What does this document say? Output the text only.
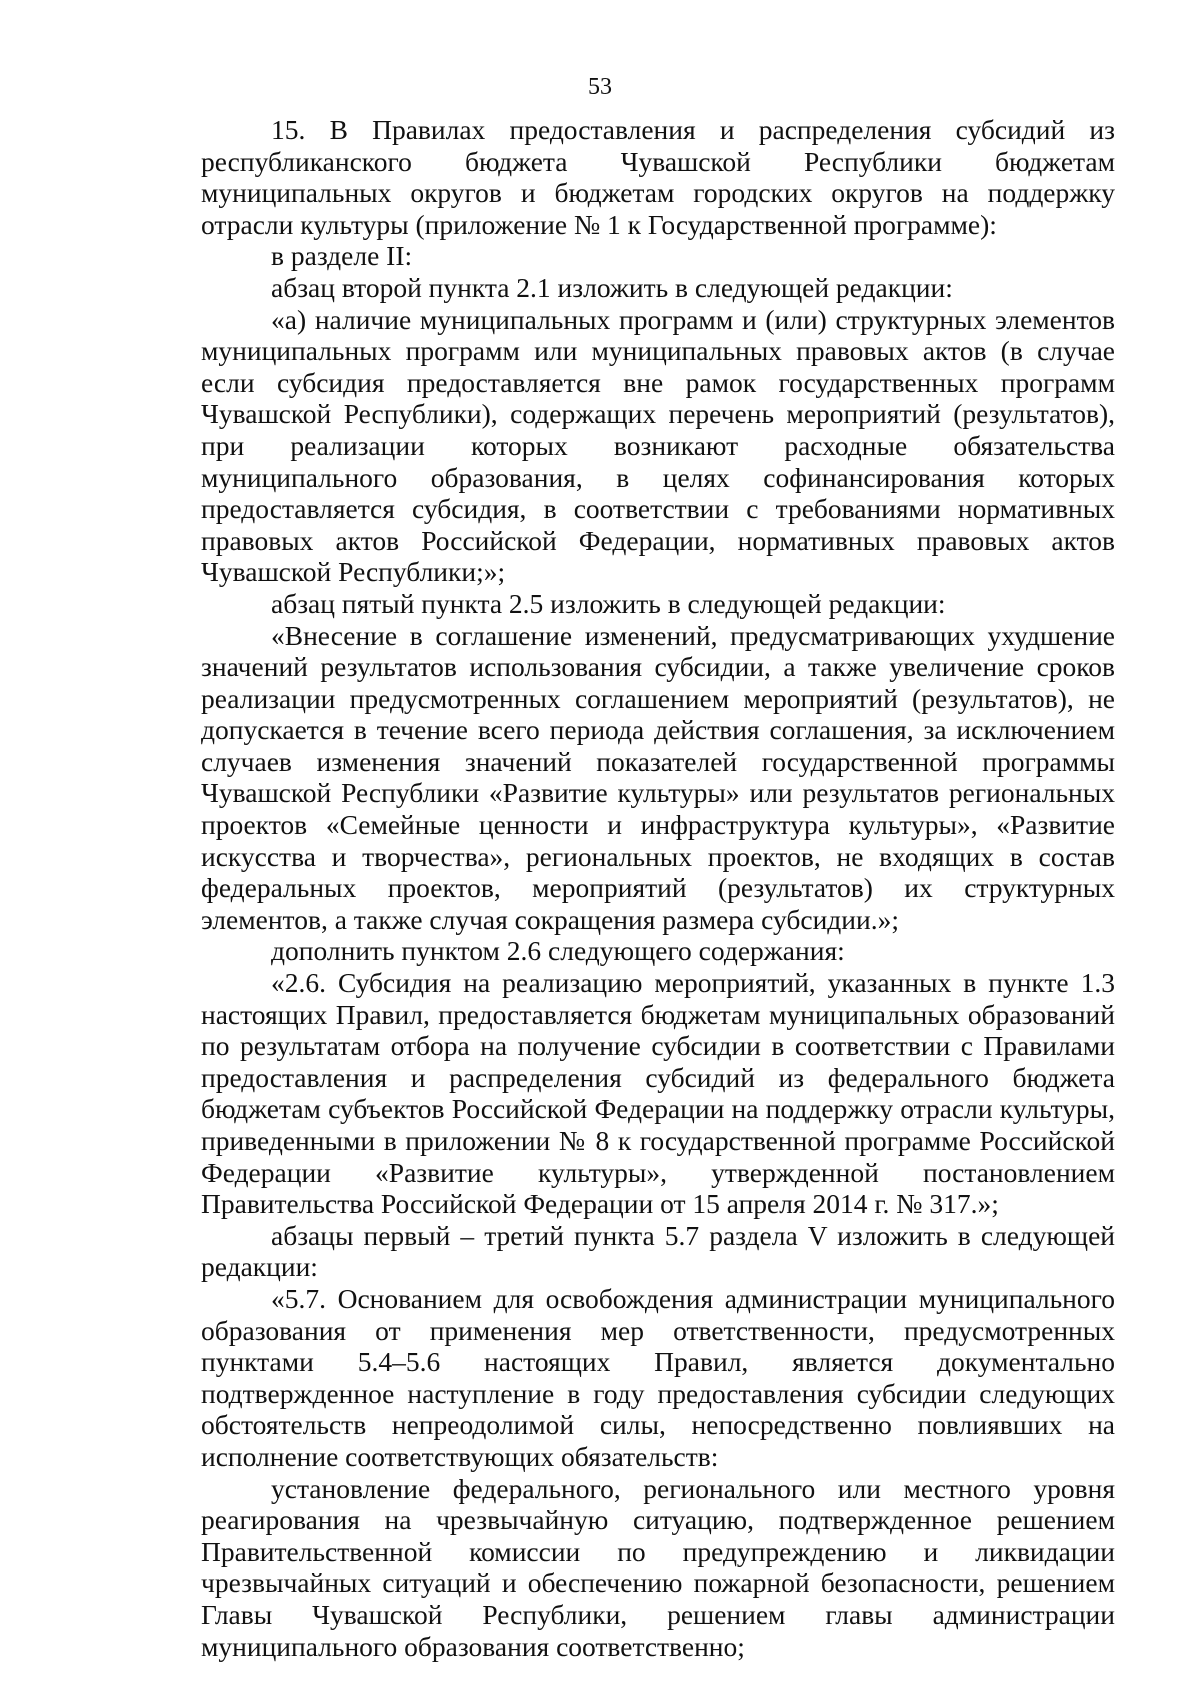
53

15. В Правилах предоставления и распределения субсидий из республиканского бюджета Чувашской Республики бюджетам муниципальных округов и бюджетам городских округов на поддержку отрасли культуры (приложение № 1 к Государственной программе):

в разделе II:

абзац второй пункта 2.1 изложить в следующей редакции:

«а) наличие муниципальных программ и (или) структурных элементов муниципальных программ или муниципальных правовых актов (в случае если субсидия предоставляется вне рамок государственных программ Чувашской Республики), содержащих перечень мероприятий (результатов), при реализации которых возникают расходные обязательства муниципального образования, в целях софинансирования которых предоставляется субсидия, в соответствии с требованиями нормативных правовых актов Российской Федерации, нормативных правовых актов Чувашской Республики;»;

абзац пятый пункта 2.5 изложить в следующей редакции:

«Внесение в соглашение изменений, предусматривающих ухудшение значений результатов использования субсидии, а также увеличение сроков реализации предусмотренных соглашением мероприятий (результатов), не допускается в течение всего периода действия соглашения, за исключением случаев изменения значений показателей государственной программы Чувашской Республики «Развитие культуры» или результатов региональных проектов «Семейные ценности и инфраструктура культуры», «Развитие искусства и творчества», региональных проектов, не входящих в состав федеральных проектов, мероприятий (результатов) их структурных элементов, а также случая сокращения размера субсидии.»;

дополнить пунктом 2.6 следующего содержания:

«2.6. Субсидия на реализацию мероприятий, указанных в пункте 1.3 настоящих Правил, предоставляется бюджетам муниципальных образований по результатам отбора на получение субсидии в соответствии с Правилами предоставления и распределения субсидий из федерального бюджета бюджетам субъектов Российской Федерации на поддержку отрасли культуры, приведенными в приложении № 8 к государственной программе Российской Федерации «Развитие культуры», утвержденной постановлением Правительства Российской Федерации от 15 апреля 2014 г. № 317.»;

абзацы первый – третий пункта 5.7 раздела V изложить в следующей редакции:

«5.7. Основанием для освобождения администрации муниципального образования от применения мер ответственности, предусмотренных пунктами 5.4–5.6 настоящих Правил, является документально подтвержденное наступление в году предоставления субсидии следующих обстоятельств непреодолимой силы, непосредственно повлиявших на исполнение соответствующих обязательств:

установление федерального, регионального или местного уровня реагирования на чрезвычайную ситуацию, подтвержденное решением Правительственной комиссии по предупреждению и ликвидации чрезвычайных ситуаций и обеспечению пожарной безопасности, решением Главы Чувашской Республики, решением главы администрации муниципального образования соответственно;
